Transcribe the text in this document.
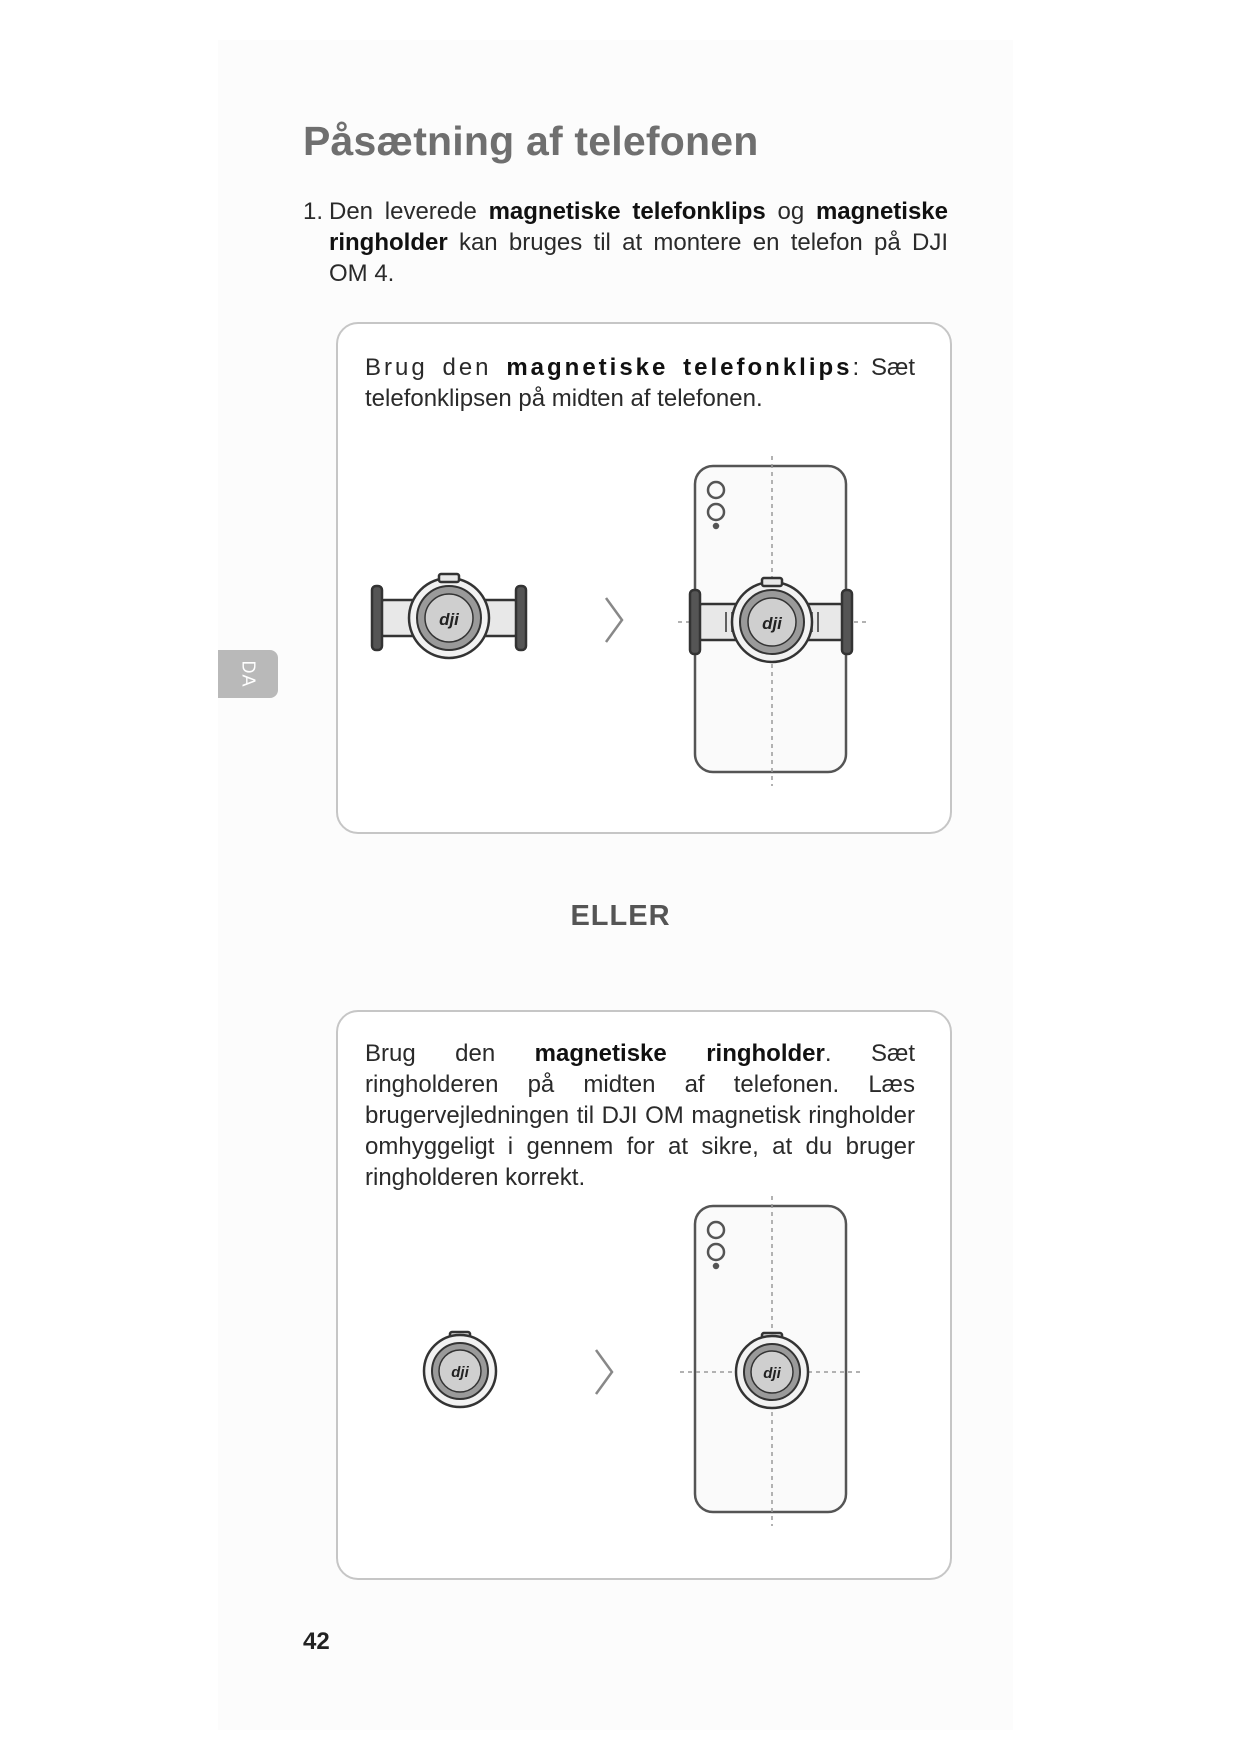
Påsætning af telefonen
1. Den leverede magnetiske telefonklips og magnetiske ringholder kan bruges til at montere en telefon på DJI OM 4.
Brug den magnetiske telefonklips: Sæt telefonklipsen på midten af telefonen.
dji	dji
ELLER
Brug den magnetiske ringholder. Sæt ringholderen på midten af telefonen. Læs brugervejledningen til DJI OM magnetisk ringholder omhyggeligt i gennem for at sikre, at du bruger ringholderen korrekt.
dji	dji
DA
42
